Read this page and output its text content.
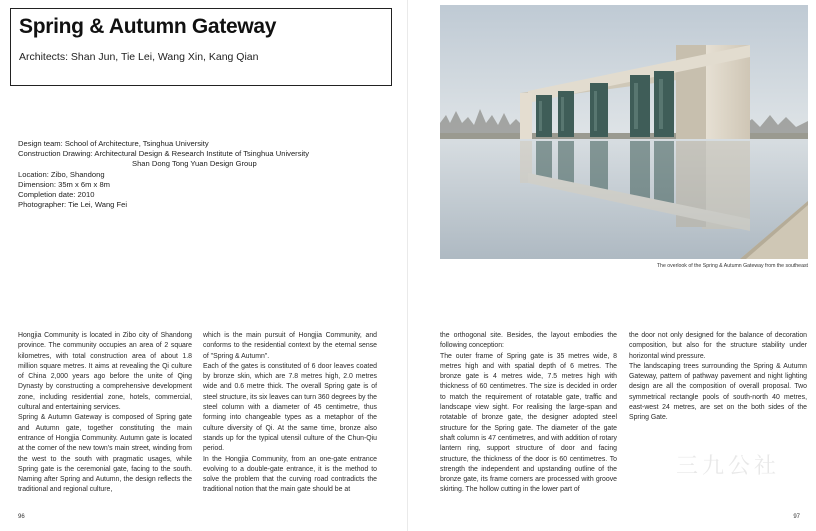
Spring & Autumn Gateway
Architects: Shan Jun, Tie Lei, Wang Xin, Kang Qian
Design team: School of Architecture, Tsinghua University
Construction Drawing: Architectural Design & Research Institute of Tsinghua University
Shan Dong Tong Yuan Design Group
Location: Zibo, Shandong
Dimension: 35m x 6m x 8m
Completion date: 2010
Photographer: Tie Lei, Wang Fei

Hongjia Community is located in Zibo city of Shandong province. The community occupies an area of 2 square kilometres, with total construction area of about 1.8 million square metres. It aims at revealing the Qi culture of China 2,000 years ago before the unite of Qing Dynasty by constructing a comprehensive development zone, including residential zone, hotels, commercial, cultural and entertaining services.

Spring & Autumn Gateway is composed of Spring gate and Autumn gate, together constituting the main entrance of Hongjia Community. Autumn gate is located at the corner of the new town's main street, winding from the west to the south with pragmatic usages, while Spring gate is the ceremonial gate, facing to the south. Naming after Spring and Autumn, the design reflects the traditional and regional culture,

which is the main pursuit of Hongjia Community, and conforms to the residential context by the eternal sense of "Spring & Autumn".

Each of the gates is constituted of 6 door leaves coated by bronze skin, which are 7.8 metres high, 2.0 metres wide and 0.6 metre thick. The overall Spring gate is of steel structure, its six leaves can turn 360 degrees by the steel column with a diameter of 45 centimetre, thus forming into changeable types as a metaphor of the culture diversity of Qi. At the same time, bronze also stands up for the typical utensil culture of the Chun-Qiu period.

In the Hongjia Community, from an one-gate entrance evolving to a double-gate entrance, it is the method to solve the problem that the curving road contradicts the traditional notion that the main gate should be at

96
The overlook of the Spring & Autumn Gateway from the southeast

the orthogonal site. Besides, the layout embodies the following conception:

The outer frame of Spring gate is 35 metres wide, 8 metres high and with spatial depth of 6 metres. The bronze gate is 4 metres wide, 7.5 metres high with thickness of 60 centimetres. The size is decided in order to match the requirement of rotatable gate, traffic and landscape view sight. For realising the large-span and rotatable of bronze gate, the designer adopted steel structure for the Spring gate. The diameter of the gate shaft column is 47 centimetres, and with addition of rotary lantern ring, support structure of door and facing structure, the thickness of the door is 60 centimetres. To strength the independent and upstanding outline of the bronze gate, its frame corners are processed with groove skirting. The hollow cutting in the lower part of

the door not only designed for the balance of decoration composition, but also for the structure stability under horizontal wind pressure.

The landscaping trees surrounding the Spring & Autumn Gateway, pattern of pathway pavement and night lighting design are all the composition of overall proposal. Two symmetrical rectangle pools of south-north 40 metres, east-west 24 metres, are set on the both sides of the Spring Gate.

三九公社
97
